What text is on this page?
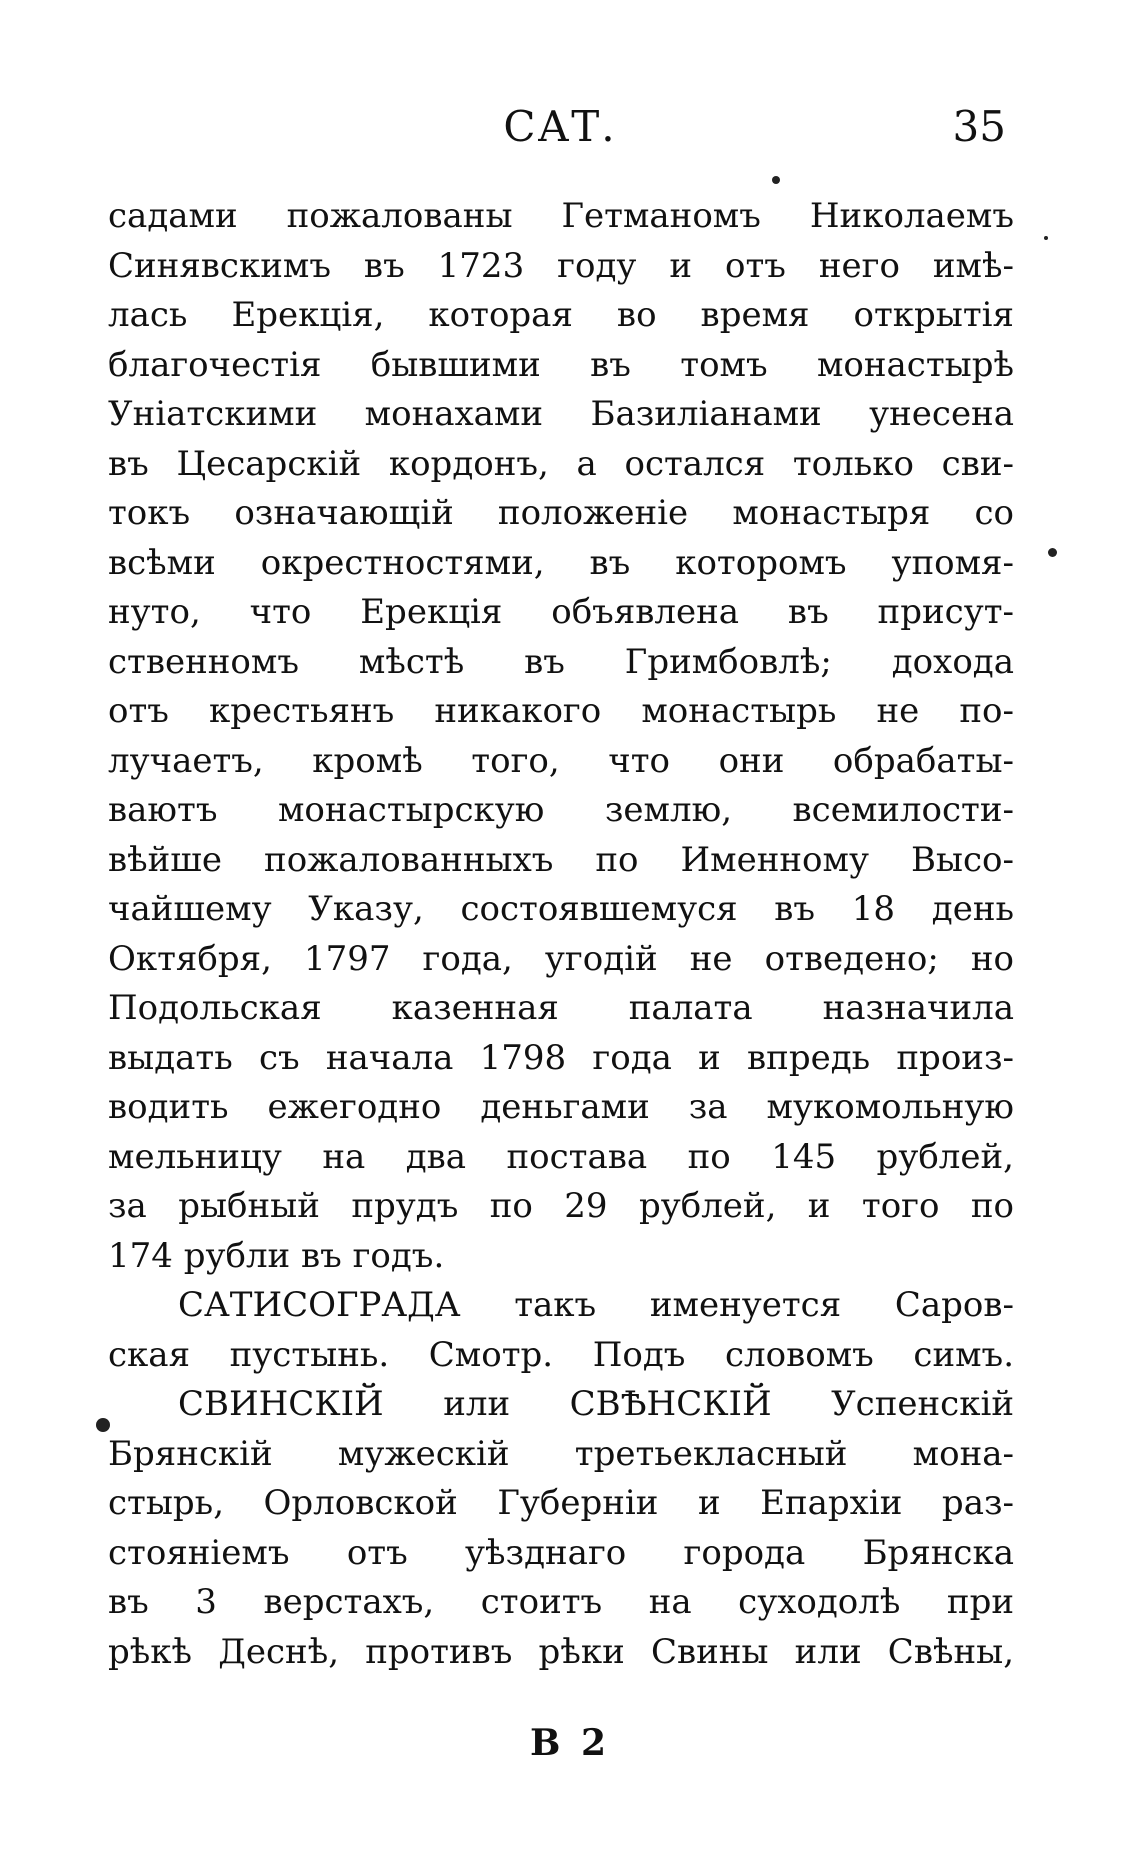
САТ.	35
садами пожалованы Гетманомъ Николаемъ
Синявскимъ въ 1723 году и отъ него имѣ-
лась Ерекція, которая во время открытія
благочестія бывшими въ томъ монастырѣ
Уніатскими монахами Базиліанами унесена
въ Цесарскій кордонъ, а остался только сви-
токъ означающій положеніе монастыря со
всѣми окрестностями, въ которомъ упомя-
нуто, что Ерекція объявлена въ присут-
ственномъ мѣстѣ въ Гримбовлѣ; дохода
отъ крестьянъ никакого монастырь не по-
лучаетъ, кромѣ того, что они обрабаты-
ваютъ монастырскую землю, всемилости-
вѣйше пожалованныхъ по Именному Высо-
чайшему Указу, состоявшемуся въ 18 день
Октября, 1797 года, угодій не отведено; но
Подольская казенная палата назначила
выдать съ начала 1798 года и впредь произ-
водить ежегодно деньгами за мукомольную
мельницу на два постава по 145 рублей,
за рыбный прудъ по 29 рублей, и того по
174 рубли въ годъ.
САТИСОГРАДА такъ именуется Саров-
ская пустынь. Смотр. Подъ словомъ симъ.
СВИНСКІЙ или СВѢНСКІЙ Успенскій
Брянскій мужескій третьекласный мона-
стырь, Орловской Губерніи и Епархіи раз-
стояніемъ отъ уѣзднаго города Брянска
въ 3 верстахъ, стоитъ на суходолѣ при
рѣкѣ Деснѣ, противъ рѣки Свины или Свѣны,
В 2
